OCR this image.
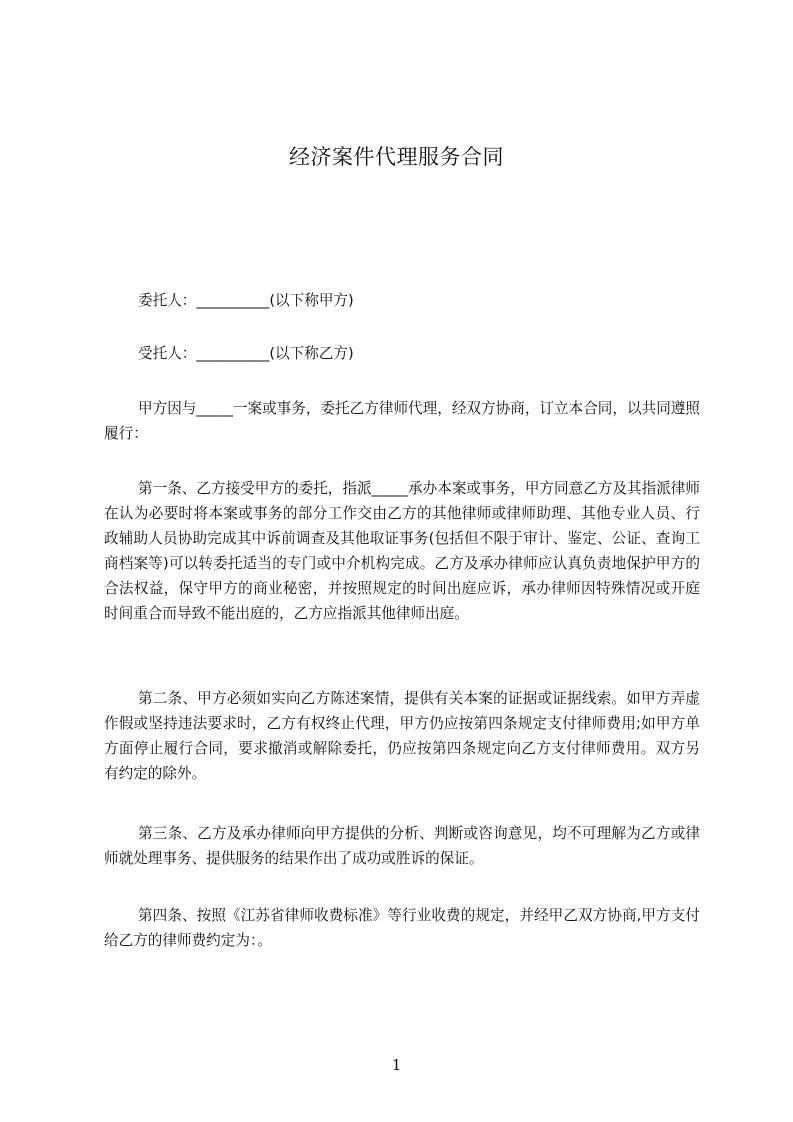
经济案件代理服务合同

委托人：__________(以下称甲方)

受托人：__________(以下称乙方)

甲方因与_____一案或事务，委托乙方律师代理，经双方协商，订立本合同，以共同遵照履行：

第一条、乙方接受甲方的委托，指派_____承办本案或事务，甲方同意乙方及其指派律师在认为必要时将本案或事务的部分工作交由乙方的其他律师或律师助理、其他专业人员、行政辅助人员协助完成其中诉前调查及其他取证事务(包括但不限于审计、鉴定、公证、查询工商档案等)可以转委托适当的专门或中介机构完成。乙方及承办律师应认真负责地保护甲方的合法权益，保守甲方的商业秘密，并按照规定的时间出庭应诉，承办律师因特殊情况或开庭时间重合而导致不能出庭的，乙方应指派其他律师出庭。

第二条、甲方必须如实向乙方陈述案情，提供有关本案的证据或证据线索。如甲方弄虚作假或坚持违法要求时，乙方有权终止代理，甲方仍应按第四条规定支付律师费用;如甲方单方面停止履行合同，要求撤消或解除委托，仍应按第四条规定向乙方支付律师费用。双方另有约定的除外。

第三条、乙方及承办律师向甲方提供的分析、判断或咨询意见，均不可理解为乙方或律师就处理事务、提供服务的结果作出了成功或胜诉的保证。

第四条、按照《江苏省律师收费标准》等行业收费的规定，并经甲乙双方协商,甲方支付给乙方的律师费约定为：。

1
